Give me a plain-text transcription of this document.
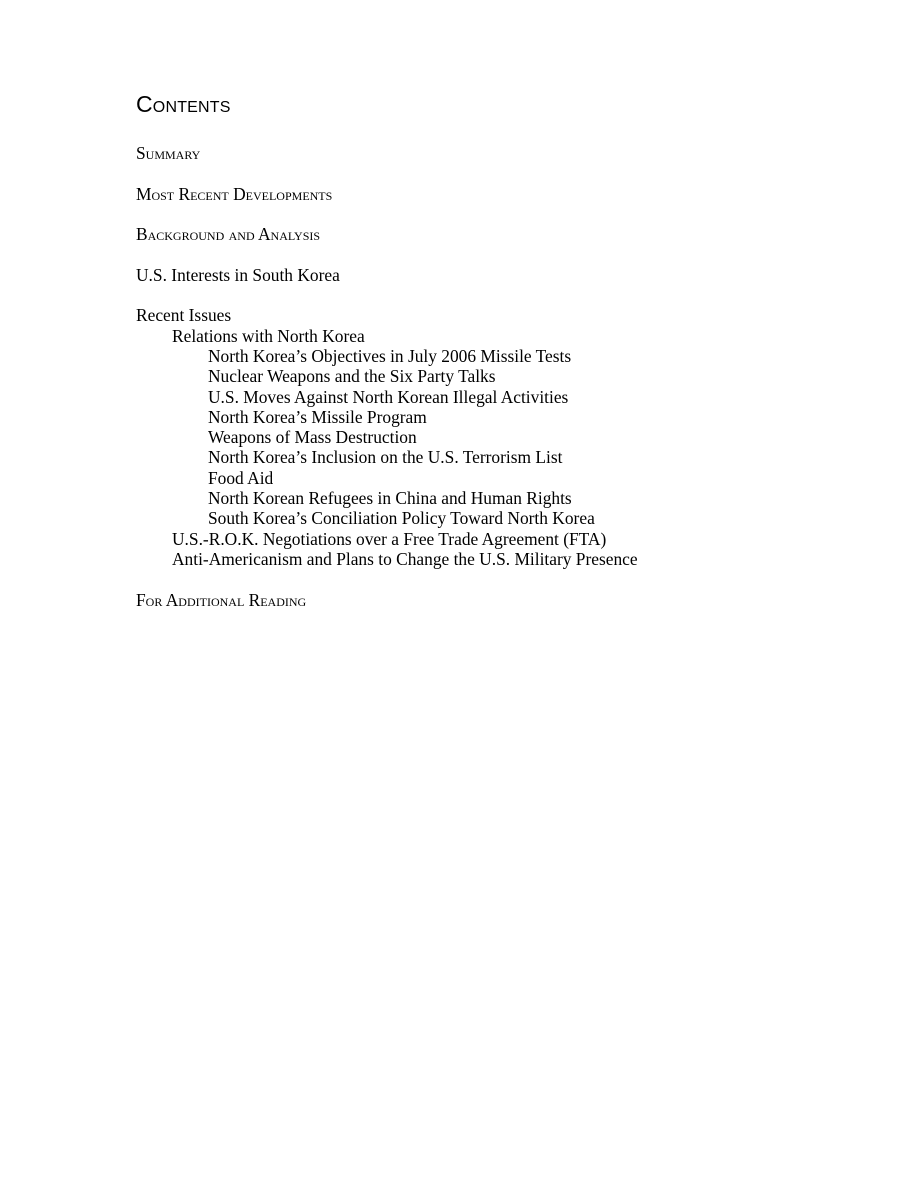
Contents
Summary
Most Recent Developments
Background and Analysis
U.S. Interests in South Korea
Recent Issues
Relations with North Korea
North Korea’s Objectives in July 2006 Missile Tests
Nuclear Weapons and the Six Party Talks
U.S. Moves Against North Korean Illegal Activities
North Korea’s Missile Program
Weapons of Mass Destruction
North Korea’s Inclusion on the U.S. Terrorism List
Food Aid
North Korean Refugees in China and Human Rights
South Korea’s Conciliation Policy Toward North Korea
U.S.-R.O.K. Negotiations over a Free Trade Agreement (FTA)
Anti-Americanism and Plans to Change the U.S. Military Presence
For Additional Reading
